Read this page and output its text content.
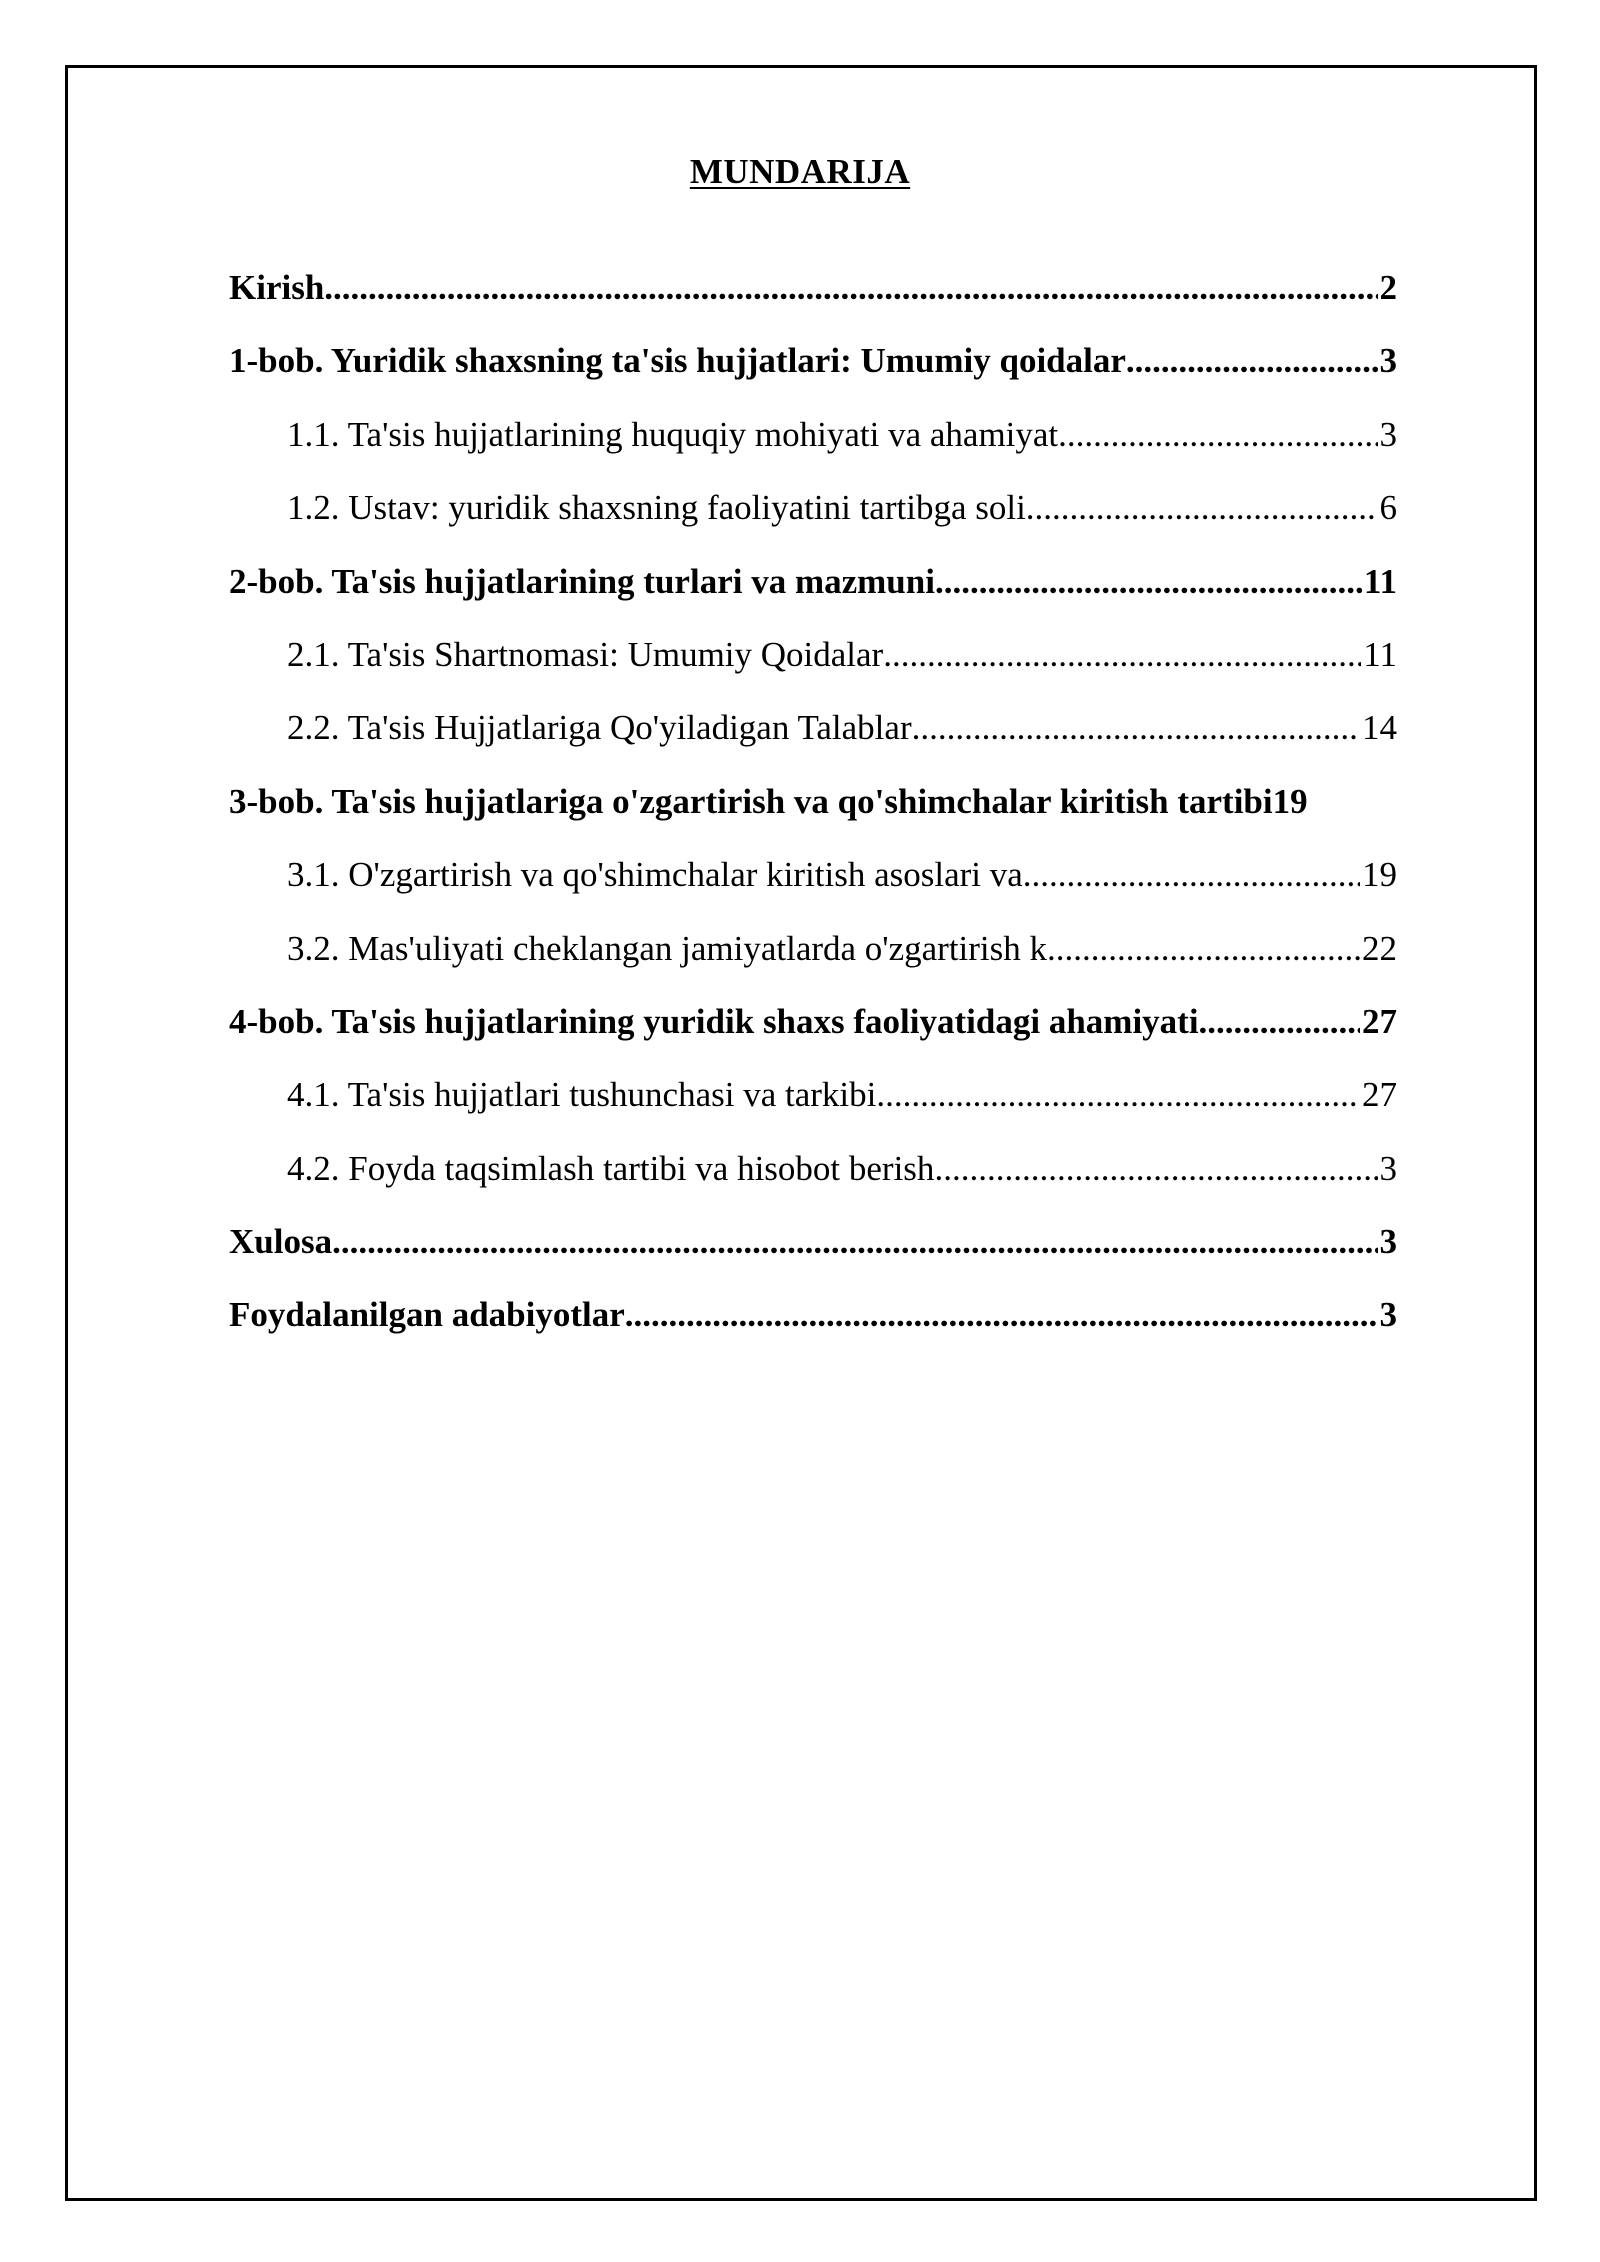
MUNDARIJA
Kirish .....	2
1-bob. Yuridik shaxsning ta'sis hujjatlari: Umumiy qoidalar .....	3
1.1. Ta'sis hujjatlarining huquqiy mohiyati va ahamiyat .....	3
1.2. Ustav: yuridik shaxsning faoliyatini tartibga soli .....	6
2-bob. Ta'sis hujjatlarining turlari va mazmuni .....	11
2.1. Ta'sis Shartnomasi: Umumiy Qoidalar .....	11
2.2. Ta'sis Hujjatlariga Qo'yiladigan Talablar .....	14
3-bob. Ta'sis hujjatlariga o'zgartirish va qo'shimchalar kiritish tartibi 19
3.1. O'zgartirish va qo'shimchalar kiritish asoslari va .....	19
3.2. Mas'uliyati cheklangan jamiyatlarda o'zgartirish k .....	22
4-bob. Ta'sis hujjatlarining yuridik shaxs faoliyatidagi ahamiyati .....	27
4.1. Ta'sis hujjatlari tushunchasi va tarkibi .....	27
4.2. Foyda taqsimlash tartibi va hisobot berish .....	3
Xulosa .....	3
Foydalanilgan adabiyotlar .....	3
